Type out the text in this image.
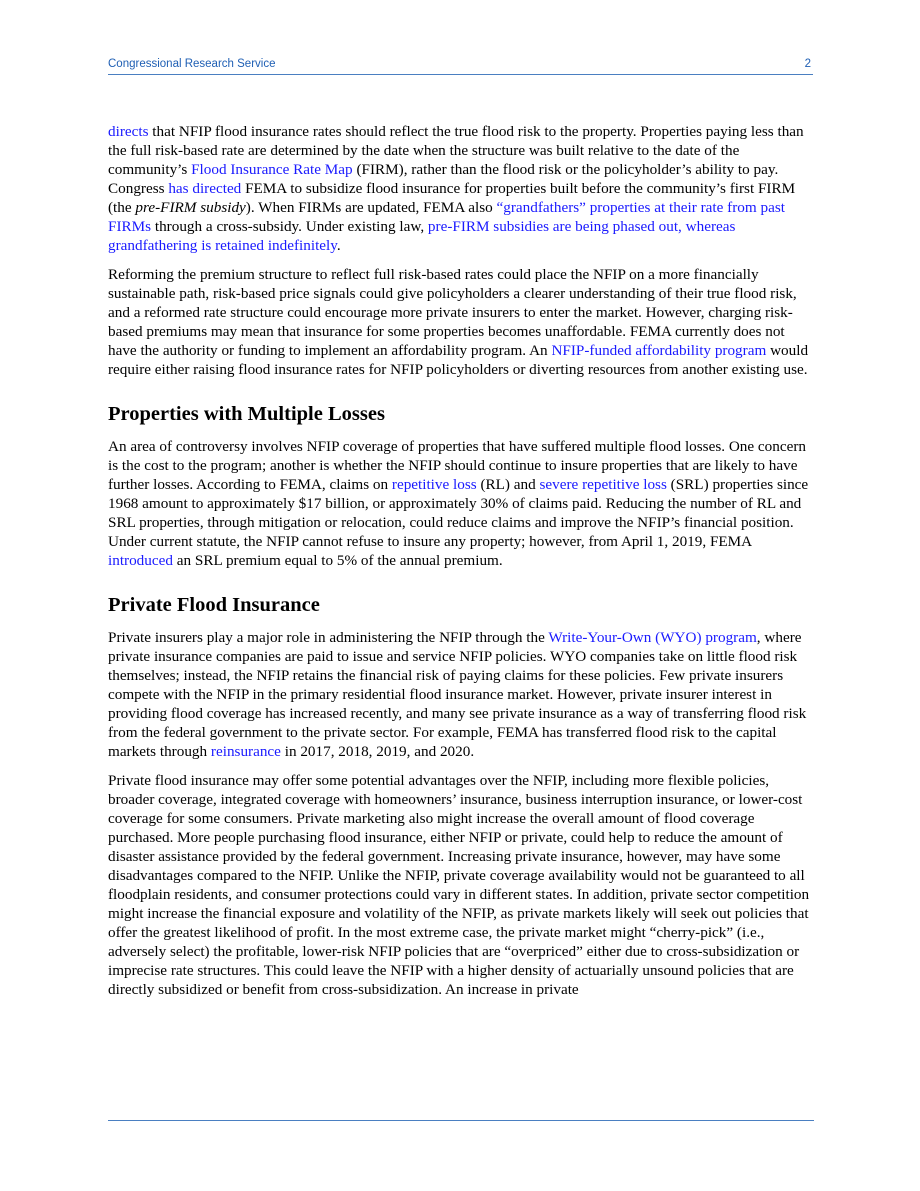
Congressional Research Service	2

directs that NFIP flood insurance rates should reflect the true flood risk to the property. Properties paying less than the full risk-based rate are determined by the date when the structure was built relative to the date of the community’s Flood Insurance Rate Map (FIRM), rather than the flood risk or the policyholder’s ability to pay. Congress has directed FEMA to subsidize flood insurance for properties built before the community’s first FIRM (the pre-FIRM subsidy). When FIRMs are updated, FEMA also “grandfathers” properties at their rate from past FIRMs through a cross-subsidy. Under existing law, pre-FIRM subsidies are being phased out, whereas grandfathering is retained indefinitely.

Reforming the premium structure to reflect full risk-based rates could place the NFIP on a more financially sustainable path, risk-based price signals could give policyholders a clearer understanding of their true flood risk, and a reformed rate structure could encourage more private insurers to enter the market. However, charging risk-based premiums may mean that insurance for some properties becomes unaffordable. FEMA currently does not have the authority or funding to implement an affordability program. An NFIP-funded affordability program would require either raising flood insurance rates for NFIP policyholders or diverting resources from another existing use.

Properties with Multiple Losses

An area of controversy involves NFIP coverage of properties that have suffered multiple flood losses. One concern is the cost to the program; another is whether the NFIP should continue to insure properties that are likely to have further losses. According to FEMA, claims on repetitive loss (RL) and severe repetitive loss (SRL) properties since 1968 amount to approximately $17 billion, or approximately 30% of claims paid. Reducing the number of RL and SRL properties, through mitigation or relocation, could reduce claims and improve the NFIP’s financial position. Under current statute, the NFIP cannot refuse to insure any property; however, from April 1, 2019, FEMA introduced an SRL premium equal to 5% of the annual premium.

Private Flood Insurance

Private insurers play a major role in administering the NFIP through the Write-Your-Own (WYO) program, where private insurance companies are paid to issue and service NFIP policies. WYO companies take on little flood risk themselves; instead, the NFIP retains the financial risk of paying claims for these policies. Few private insurers compete with the NFIP in the primary residential flood insurance market. However, private insurer interest in providing flood coverage has increased recently, and many see private insurance as a way of transferring flood risk from the federal government to the private sector. For example, FEMA has transferred flood risk to the capital markets through reinsurance in 2017, 2018, 2019, and 2020.

Private flood insurance may offer some potential advantages over the NFIP, including more flexible policies, broader coverage, integrated coverage with homeowners’ insurance, business interruption insurance, or lower-cost coverage for some consumers. Private marketing also might increase the overall amount of flood coverage purchased. More people purchasing flood insurance, either NFIP or private, could help to reduce the amount of disaster assistance provided by the federal government. Increasing private insurance, however, may have some disadvantages compared to the NFIP. Unlike the NFIP, private coverage availability would not be guaranteed to all floodplain residents, and consumer protections could vary in different states. In addition, private sector competition might increase the financial exposure and volatility of the NFIP, as private markets likely will seek out policies that offer the greatest likelihood of profit. In the most extreme case, the private market might “cherry-pick” (i.e., adversely select) the profitable, lower-risk NFIP policies that are “overpriced” either due to cross-subsidization or imprecise rate structures. This could leave the NFIP with a higher density of actuarially unsound policies that are directly subsidized or benefit from cross-subsidization. An increase in private
